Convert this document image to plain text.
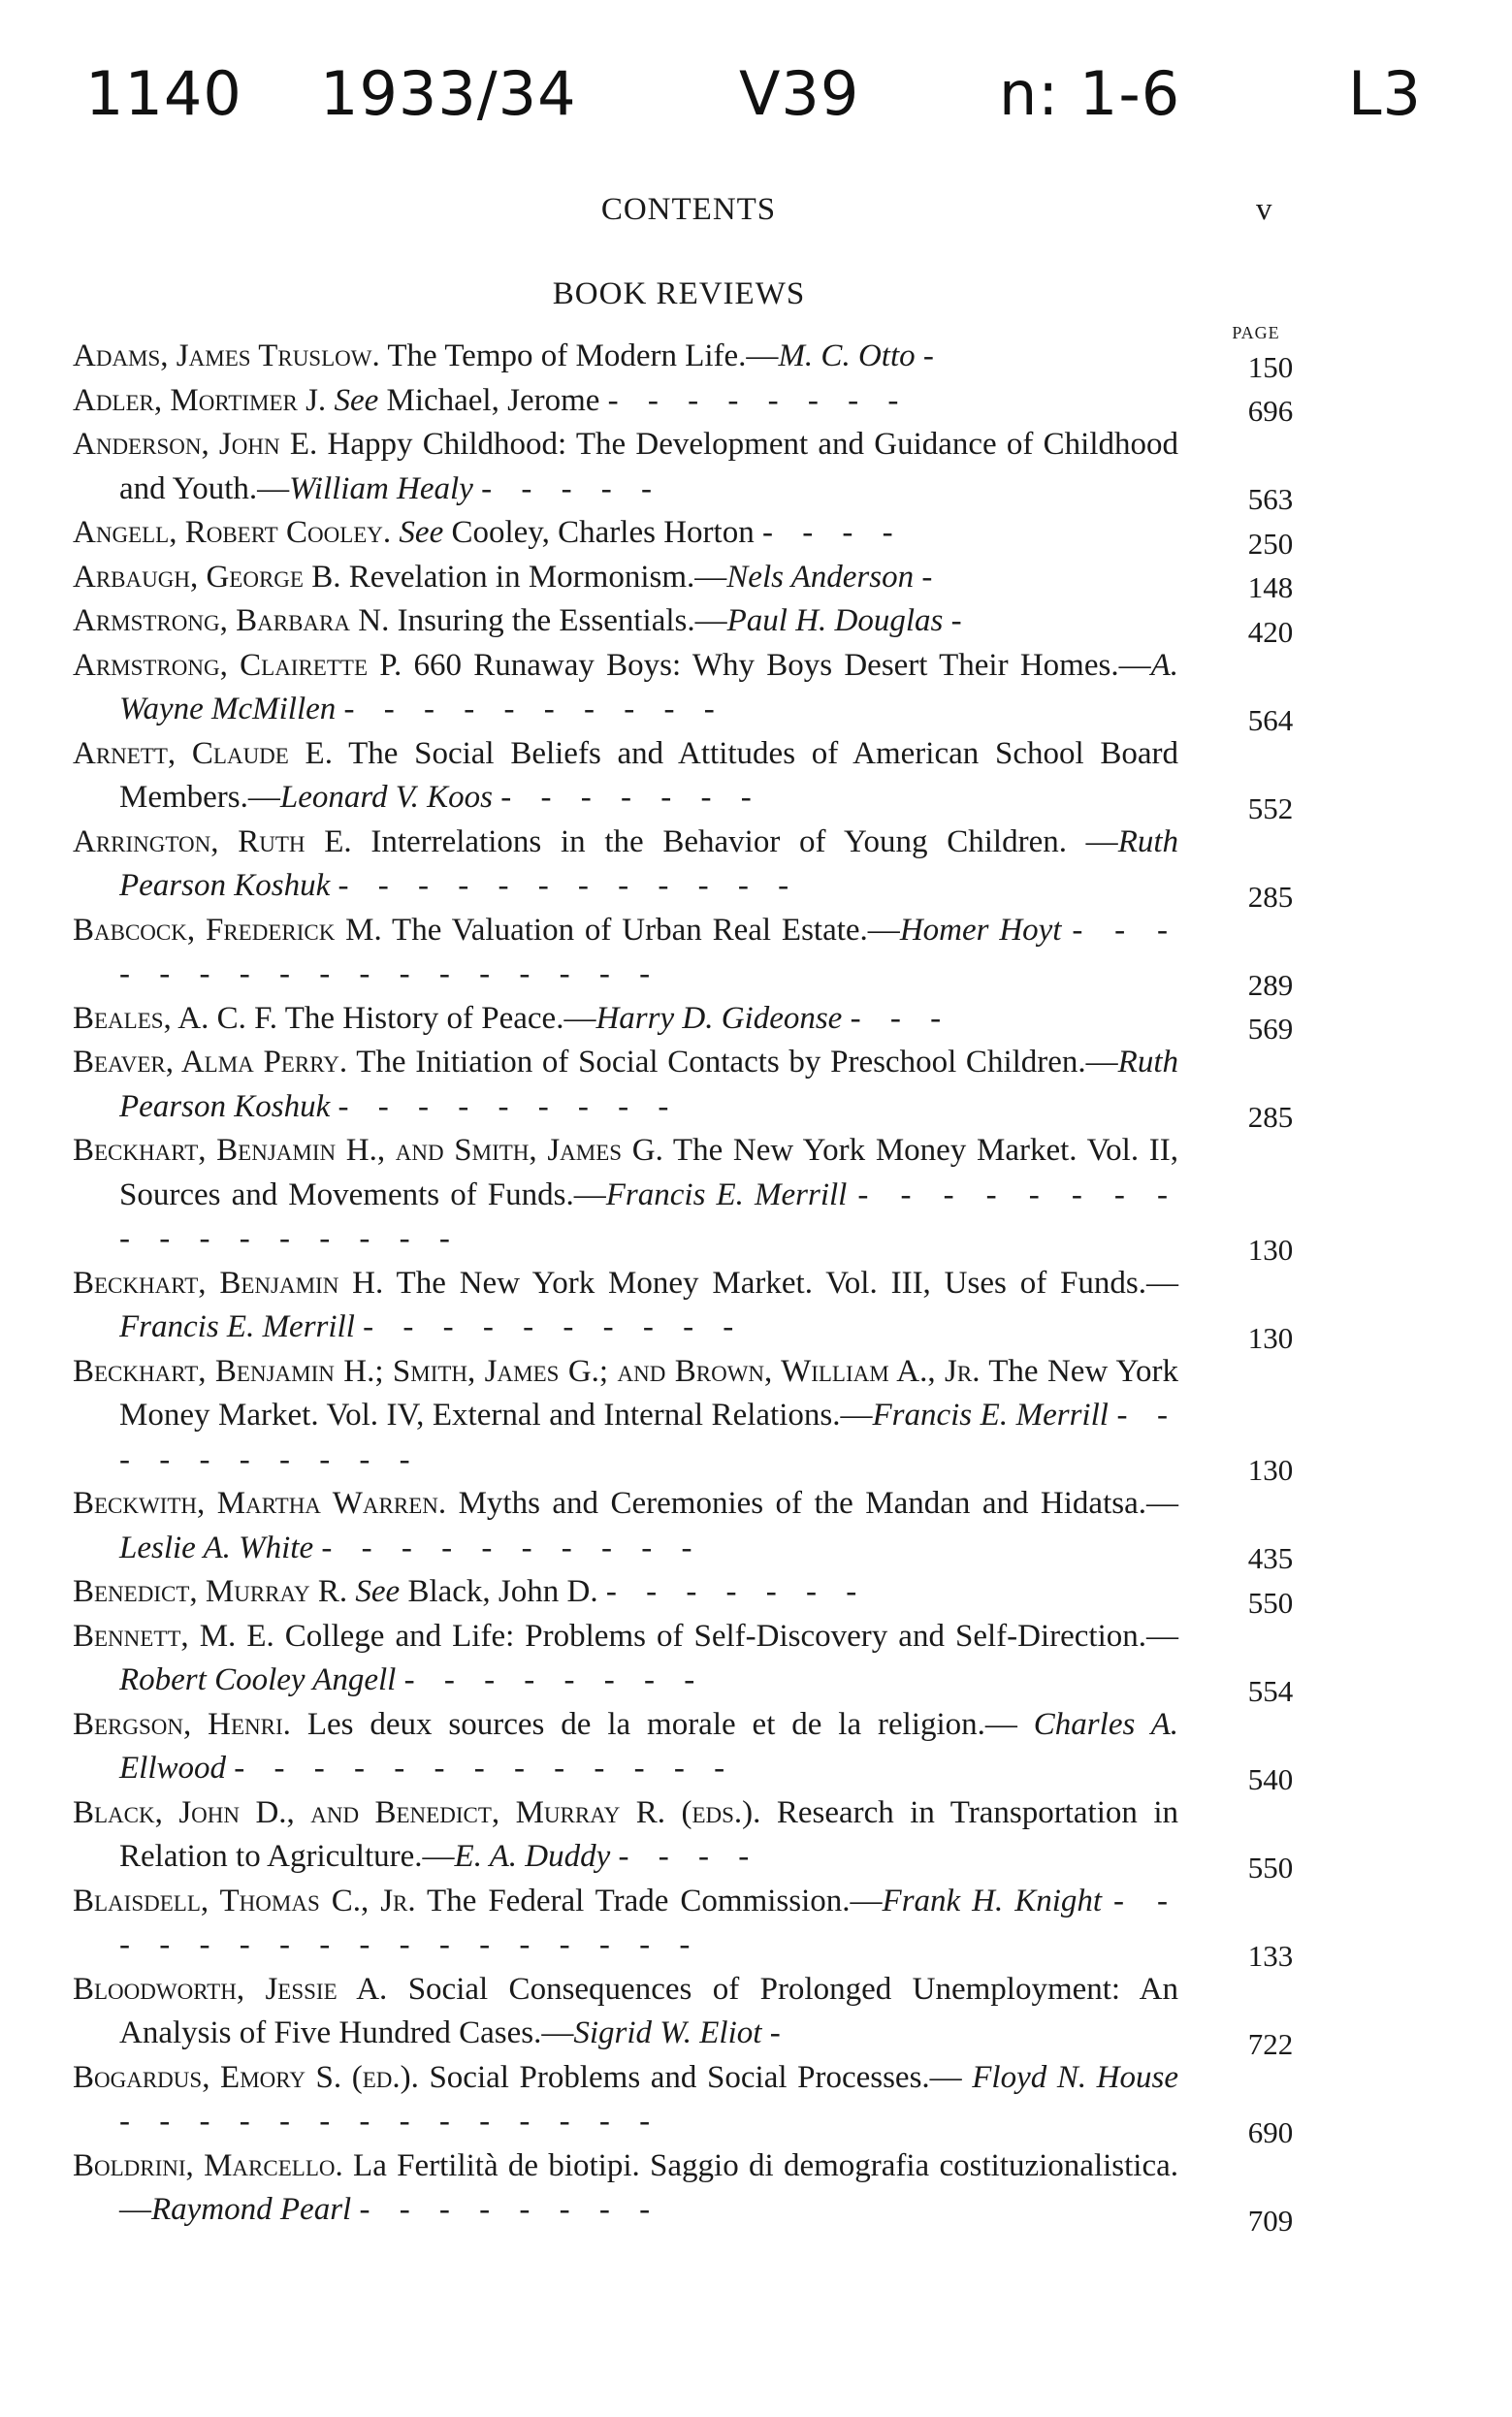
1140 1933/34	V39 n: 1-6	L3
CONTENTS	v
BOOK REVIEWS
PAGE
Adams, James Truslow. The Tempo of Modern Life.—M. C. Otto -	150
Adler, Mortimer J. See Michael, Jerome - - - - - - - -	696
Anderson, John E. Happy Childhood: The Development and Guidance of Childhood and Youth.—William Healy - - - - -	563
Angell, Robert Cooley. See Cooley, Charles Horton - - - -	250
Arbaugh, George B. Revelation in Mormonism.—Nels Anderson -	148
Armstrong, Barbara N. Insuring the Essentials.—Paul H. Douglas -	420
Armstrong, Clairette P. 660 Runaway Boys: Why Boys Desert Their Homes.—A. Wayne McMillen - - - - - - - - - -	564
Arnett, Claude E. The Social Beliefs and Attitudes of American School Board Members.—Leonard V. Koos - - - - - - -	552
Arrington, Ruth E. Interrelations in the Behavior of Young Children. —Ruth Pearson Koshuk - - - - - - - - - - - -	285
Babcock, Frederick M. The Valuation of Urban Real Estate.—Homer Hoyt - - - - - - - - - - - - - - - - -	289
Beales, A. C. F. The History of Peace.—Harry D. Gideonse - - -	569
Beaver, Alma Perry. The Initiation of Social Contacts by Preschool Children.—Ruth Pearson Koshuk - - - - - - - - -	285
Beckhart, Benjamin H., and Smith, James G. The New York Money Market. Vol. II, Sources and Movements of Funds.—Francis E. Merrill - - - - - - - - - - - - - - - - -	130
Beckhart, Benjamin H. The New York Money Market. Vol. III, Uses of Funds.—Francis E. Merrill - - - - - - - - - -	130
Beckhart, Benjamin H.; Smith, James G.; and Brown, William A., Jr. The New York Money Market. Vol. IV, External and Internal Relations.—Francis E. Merrill - - - - - - - - - -	130
Beckwith, Martha Warren. Myths and Ceremonies of the Mandan and Hidatsa.—Leslie A. White - - - - - - - - - -	435
Benedict, Murray R. See Black, John D. - - - - - - -	550
Bennett, M. E. College and Life: Problems of Self-Discovery and Self-Direction.—Robert Cooley Angell - - - - - - - -	554
Bergson, Henri. Les deux sources de la morale et de la religion.— Charles A. Ellwood - - - - - - - - - - - - -	540
Black, John D., and Benedict, Murray R. (eds.). Research in Transportation in Relation to Agriculture.—E. A. Duddy - - - -	550
Blaisdell, Thomas C., Jr. The Federal Trade Commission.—Frank H. Knight - - - - - - - - - - - - - - - - -	133
Bloodworth, Jessie A. Social Consequences of Prolonged Unemployment: An Analysis of Five Hundred Cases.—Sigrid W. Eliot -	722
Bogardus, Emory S. (ed.). Social Problems and Social Processes.— Floyd N. House - - - - - - - - - - - - - -	690
Boldrini, Marcello. La Fertilità de biotipi. Saggio di demografia costituzionalistica.—Raymond Pearl - - - - - - - -	709
